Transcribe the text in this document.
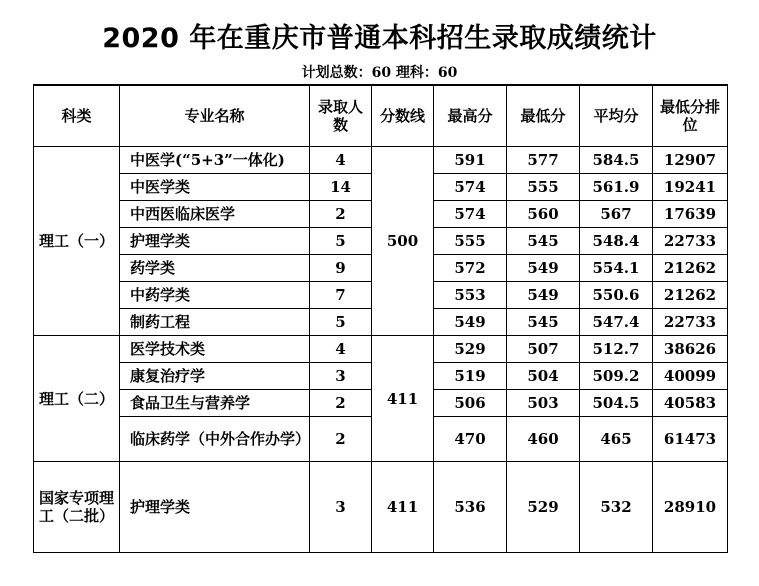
2020 年在重庆市普通本科招生录取成绩统计
计划总数：60 理科：60
科类	专业名称	录取人数	分数线	最高分	最低分	平均分	最低分排位
理工（一）	中医学(“5+3”一体化)	4	500	591	577	584.5	12907
	中医学类	14		574	555	561.9	19241
	中西医临床医学	2		574	560	567	17639
	护理学类	5		555	545	548.4	22733
	药学类	9		572	549	554.1	21262
	中药学类	7		553	549	550.6	21262
	制药工程	5		549	545	547.4	22733
理工（二）	医学技术类	4	411	529	507	512.7	38626
	康复治疗学	3		519	504	509.2	40099
	食品卫生与营养学	2		506	503	504.5	40583
	临床药学（中外合作办学）	2		470	460	465	61473
国家专项理工（二批）	护理学类	3	411	536	529	532	28910
